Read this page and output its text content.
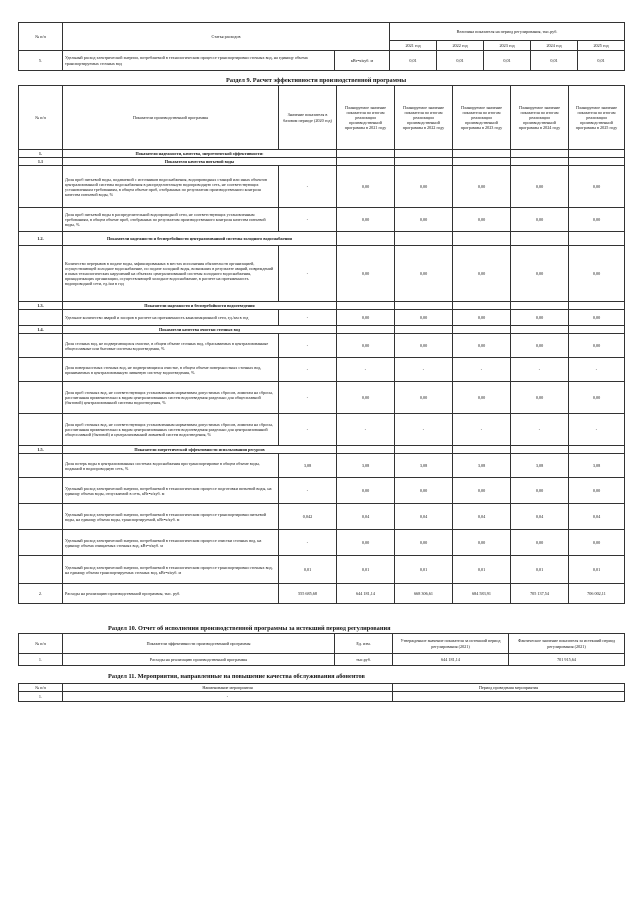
№ п/п	Статья расходов		Величина показателя на период регулирования, тыс.руб.				
			2021 год	2022 год	2023 год	2024 год	2025 год
5.	Удельный расход электрической энергии, потребляемой в технологическом процессе транспортировки сточных вод, на единицу объема транспортируемых сточных вод	кВт•ч/куб. м	0,01	0,01	0,01	0,01	0,01
Раздел 9. Расчет эффективности производственной программы
№ п/п	Показатели производственной программы	Значение показателя в базовом периоде (2020 год)	Планируемое значение показателя по итогам реализации производственной программы в 2021 году	Планируемое значение показателя по итогам реализации производственной программы в 2022 году	Планируемое значение показателя по итогам реализации производственной программы в 2023 году	Планируемое значение показателя по итогам реализации производственной программы в 2024 году	Планируемое значение показателя по итогам реализации производственной программы в 2025 году
1.	Показатели надежности, качества, энергетической эффективности:						
1.1	Показатели качества питьевой воды						
	Доля проб питьевой воды, подаваемой с источников водоснабжения, водопроводных станций или иных объектов централизованной системы водоснабжения в распределительную водопроводную сеть, не соответствующих установленным требованиям, в общем объеме проб, отобранных по результатам производственного контроля качества питьевой воды, %	-	0,00	0,00	0,00	0,00	0,00
	Доля проб питьевой воды в распределительной водопроводной сети, не соответствующих установленным требованиям, в общем объеме проб, отобранных по результатам производственного контроля качества питьевой воды, %	-	0,00	0,00	0,00	0,00	0,00
1.2.	Показатели надежности и бесперебойности централизованной системы холодного водоснабжения						
	Количество перерывов в подаче воды, зафиксированных в местах исполнения обязательств организацией, осуществляющей холодное водоснабжение, по подаче холодной воды, возникших в результате аварий, повреждений и иных технологических нарушений на объектах централизованной системы холодного водоснабжения, принадлежащих организации, осуществляющей холодное водоснабжение, в расчете на протяженность водопроводной сети, ед./км в год	-	0,00	0,00	0,00	0,00	0,00
1.3.	Показатели надежности и бесперебойности водоотведения						
	Удельное количество аварий и засоров в расчете на протяженность канализационной сети, ед./км в год	-	0,00	0,00	0,00	0,00	0,00
1.4.	Показатели качества очистки сточных вод						
	Доля сточных вод, не подвергающихся очистке, в общем объеме сточных вод, сбрасываемых в централизованные общесплавные или бытовые системы водоотведения, %	-	0,00	0,00	0,00	0,00	0,00
	Доля поверхностных сточных вод, не подвергающихся очистке, в общем объеме поверхностных сточных вод, принимаемых в централизованную ливневую систему водоотведения, %	-	-	-	-	-	-
	Доля проб сточных вод, не соответствующих установленным нормативам допустимых сбросов, лимитам на сбросы, рассчитанная применительно к видам централизованных систем водоотведения раздельно для общесплавной (бытовой) централизованной системы водоотведения, %	-	0,00	0,00	0,00	0,00	0,00
	Доля проб сточных вод, не соответствующих установленным нормативам допустимых сбросов, лимитам на сбросы, рассчитанная применительно к видам централизованных систем водоотведения раздельно для централизованной общесплавной (бытовой) и централизованной ливневой систем водоотведения, %	-	-	-	-	-	-
1.5.	Показатели энергетической эффективности использования ресурсов						
	Доля потерь воды в централизованных системах водоснабжения при транспортировке в общем объеме воды, поданной в водопроводную сеть, %	3,08	3,08	3,08	3,08	3,08	3,08
	Удельный расход электрической энергии, потребляемой в технологическом процессе подготовки питьевой воды, на единицу объема воды, отпускаемой в сеть, кВт•ч/куб. м	-	0,00	0,00	0,00	0,00	0,00
	Удельный расход электрической энергии, потребляемой в технологическом процессе транспортировки питьевой воды, на единицу объема воды, транспортируемой, кВт•ч/куб. м	0,042	0,04	0,04	0,04	0,04	0,04
	Удельный расход электрической энергии, потребляемой в технологическом процессе очистки сточных вод, на единицу объема очищаемых сточных вод, кВт•ч/куб. м	-	0,00	0,00	0,00	0,00	0,00
	Удельный расход электрической энергии, потребляемой в технологическом процессе транспортировки сточных вод, на единицу объема транспортируемых сточных вод, кВт•ч/куб. м	0,01	0,01	0,01	0,01	0,01	0,01
2.	Расходы на реализацию производственной программы, тыс. руб.	555 685,68	644 181,14	668 306,61	684 583,91	705 137,54	706 002,11
Раздел 10. Отчет об исполнении производственной программы за истекший период регулирования
№ п/п	Показатели эффективности производственной программы	Ед. изм.	Утвержденное значение показателя за истекший период регулирования (2021)	Фактическое значение показателя за истекший период регулирования (2021)
1.	Расходы на реализацию производственной программы	тыс.руб.	644 181,14	701 915,64
Раздел 11. Мероприятия, направленные на повышение качества обслуживания абонентов
№ п/п	Наименование мероприятия	Период проведения мероприятия
1.	-	
